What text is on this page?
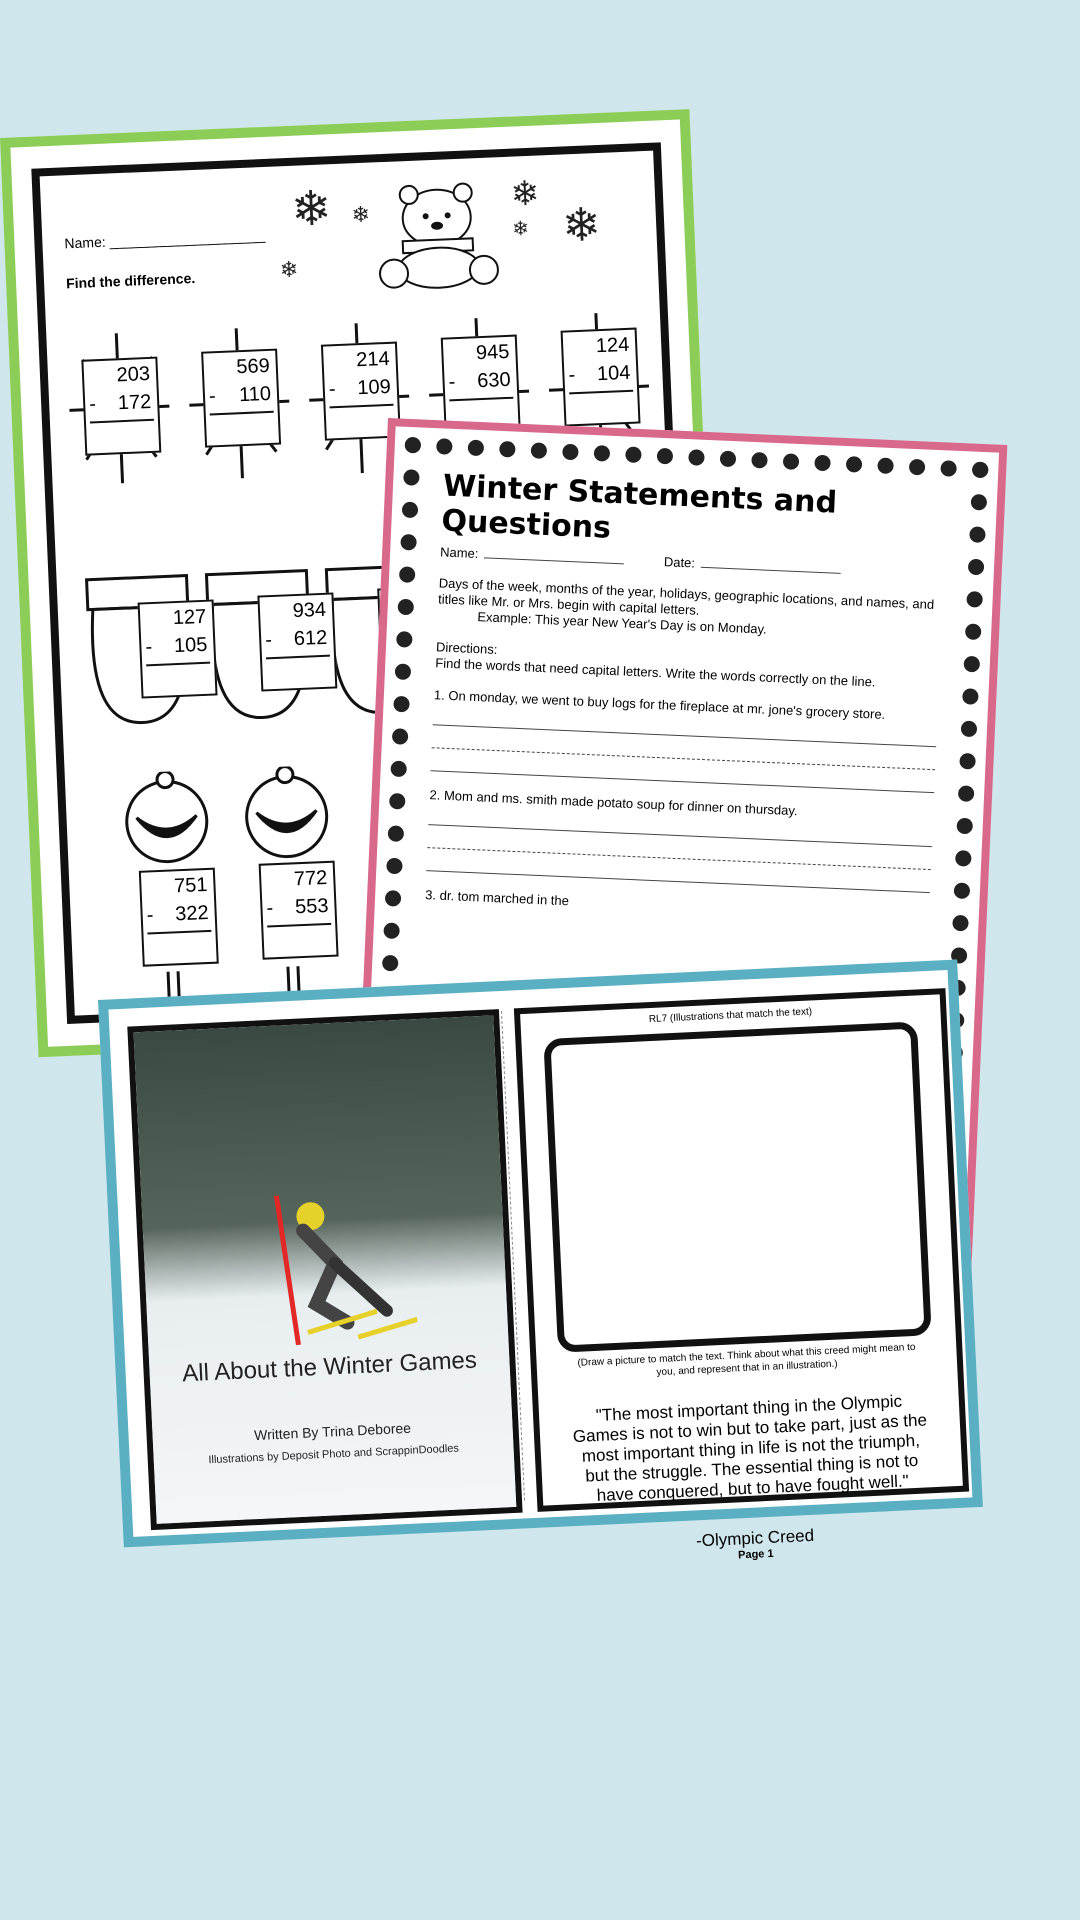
Name: ____________________
Find the difference.
❄ ❄
❄
❄
❄
❄
203
- 172
569
- 110
214
- 109
945
- 630
124
- 104
127
- 105
934
- 612
751
- 322
772
- 553
Winter Statements and Questions
Name: Date:
Days of the week, months of the year, holidays, geographic locations, and names, and titles like Mr. or Mrs. begin with capital letters.
Example: This year New Year's Day is on Monday.
Directions:
Find the words that need capital letters. Write the words correctly on the line.
1. On monday, we went to buy logs for the fireplace at mr. jone's grocery store.
2. Mom and ms. smith made potato soup for dinner on thursday.
3. dr. tom marched in the
All About the Winter Games
Written By Trina Deboree
Illustrations by Deposit Photo and ScrappinDoodles
RL7 (Illustrations that match the text)
(Draw a picture to match the text. Think about what this creed might mean to you, and represent that in an illustration.)
"The most important thing in the Olympic Games is not to win but to take part, just as the most important thing in life is not the triumph, but the struggle. The essential thing is not to have conquered, but to have fought well."
-Olympic Creed
Page 1
